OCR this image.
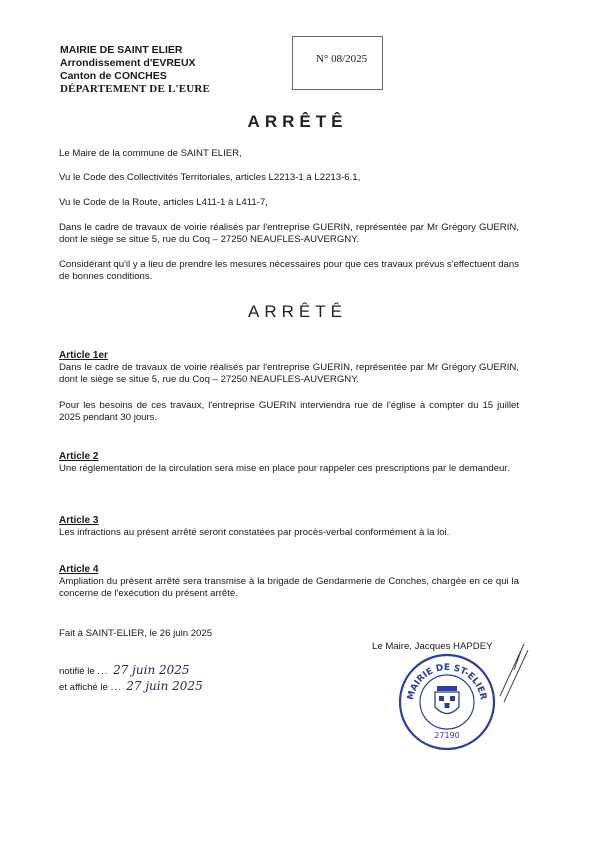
MAIRIE DE SAINT ELIER
Arrondissement d'EVREUX
Canton de CONCHES
DÉPARTEMENT DE L'EURE
N° 08/2025
ARRÊTÊ
Le Maire de la commune de SAINT ELIER,
Vu le Code des Collectivités Territoriales, articles L2213-1 à L2213-6.1,
Vu le Code de la Route, articles L411-1 à L411-7,
Dans le cadre de travaux de voirie réalisés par l'entreprise GUERIN, représentée par Mr Grégory GUERIN, dont le siège se situe 5, rue du Coq – 27250 NEAUFLES-AUVERGNY.
Considérant qu'il y a lieu de prendre les mesures nécessaires pour que ces travaux prévus s'effectuent dans de bonnes conditions.
ARRÊTÊ
Article 1er
Dans le cadre de travaux de voirie réalisés par l'entreprise GUERIN, représentée par Mr Grégory GUERIN, dont le siège se situe 5, rue du Coq – 27250 NEAUFLES-AUVERGNY.
Pour les besoins de ces travaux, l'entreprise GUERIN interviendra rue de l'église à compter du 15 juillet 2025 pendant 30 jours.
Article 2
Une réglementation de la circulation sera mise en place pour rappeler ces prescriptions par le demandeur.
Article 3
Les infractions au présent arrêté seront constatées par procès-verbal conformément à la loi.
Article 4
Ampliation du présent arrêté sera transmise à la brigade de Gendarmerie de Conches, chargée en ce qui la concerne de l'exécution du présent arrêté.
Fait à SAINT-ELIER, le 26 juin 2025
Le Maire, Jacques HAPDEY
notifié le ... 27 juin 2025
et affiché le ... 27 juin 2025
MAIRIE DE ST-ELIER
27190
